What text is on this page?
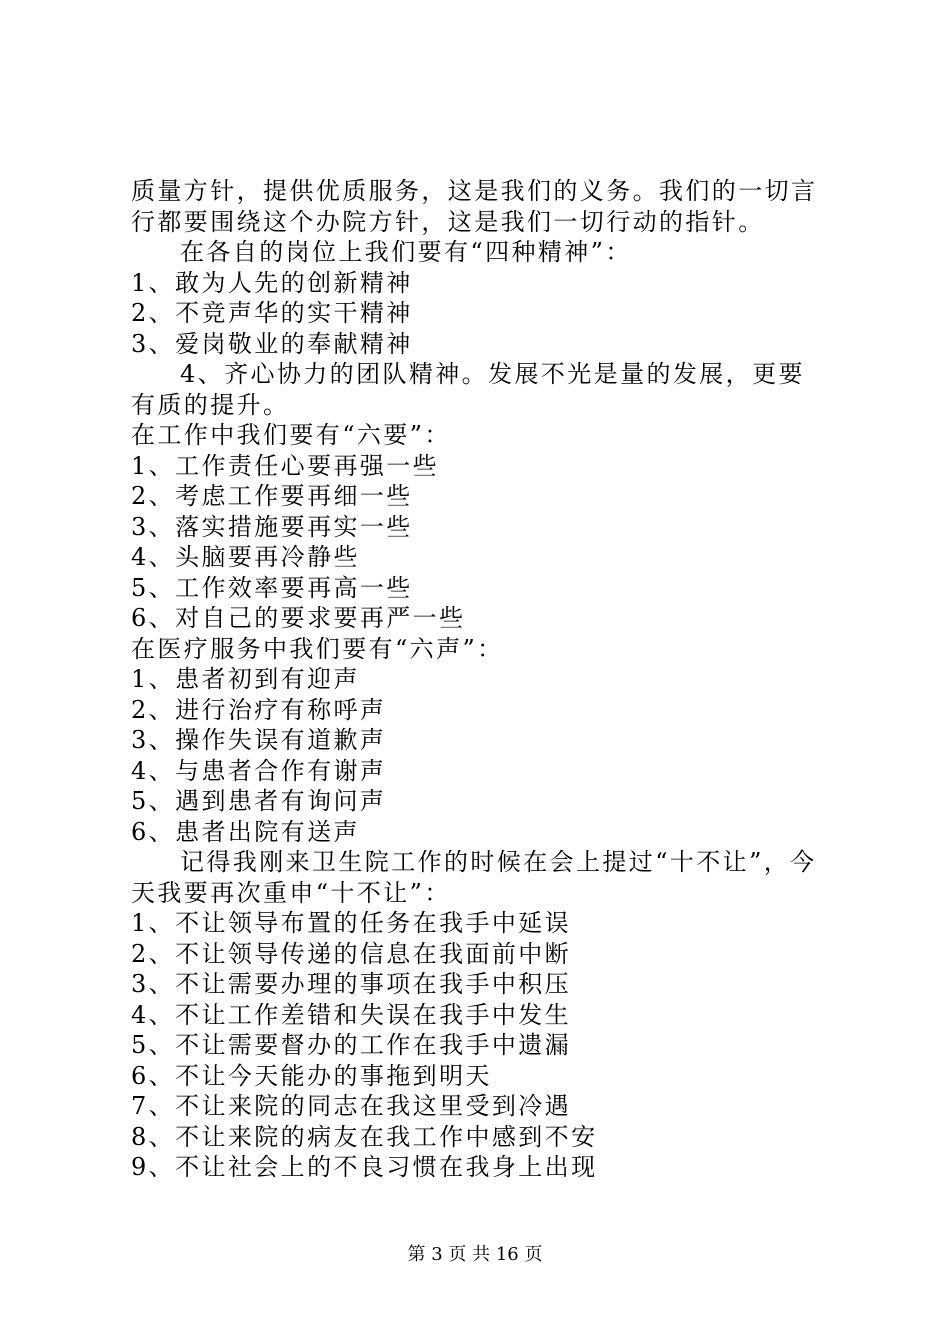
质量方针，提供优质服务，这是我们的义务。我们的一切言行都要围绕这个办院方针，这是我们一切行动的指针。

在各自的岗位上我们要有“四种精神”：

1、敢为人先的创新精神

2、不竞声华的实干精神

3、爱岗敬业的奉献精神

4、齐心协力的团队精神。发展不光是量的发展，更要有质的提升。

在工作中我们要有“六要”：

1、工作责任心要再强一些

2、考虑工作要再细一些

3、落实措施要再实一些

4、头脑要再冷静些

5、工作效率要再高一些

6、对自己的要求要再严一些

在医疗服务中我们要有“六声”：

1、患者初到有迎声

2、进行治疗有称呼声

3、操作失误有道歉声

4、与患者合作有谢声

5、遇到患者有询问声

6、患者出院有送声

记得我刚来卫生院工作的时候在会上提过“十不让”，今天我要再次重申“十不让”：

1、不让领导布置的任务在我手中延误

2、不让领导传递的信息在我面前中断

3、不让需要办理的事项在我手中积压

4、不让工作差错和失误在我手中发生

5、不让需要督办的工作在我手中遗漏

6、不让今天能办的事拖到明天

7、不让来院的同志在我这里受到冷遇

8、不让来院的病友在我工作中感到不安

9、不让社会上的不良习惯在我身上出现

第 3 页 共 16 页
